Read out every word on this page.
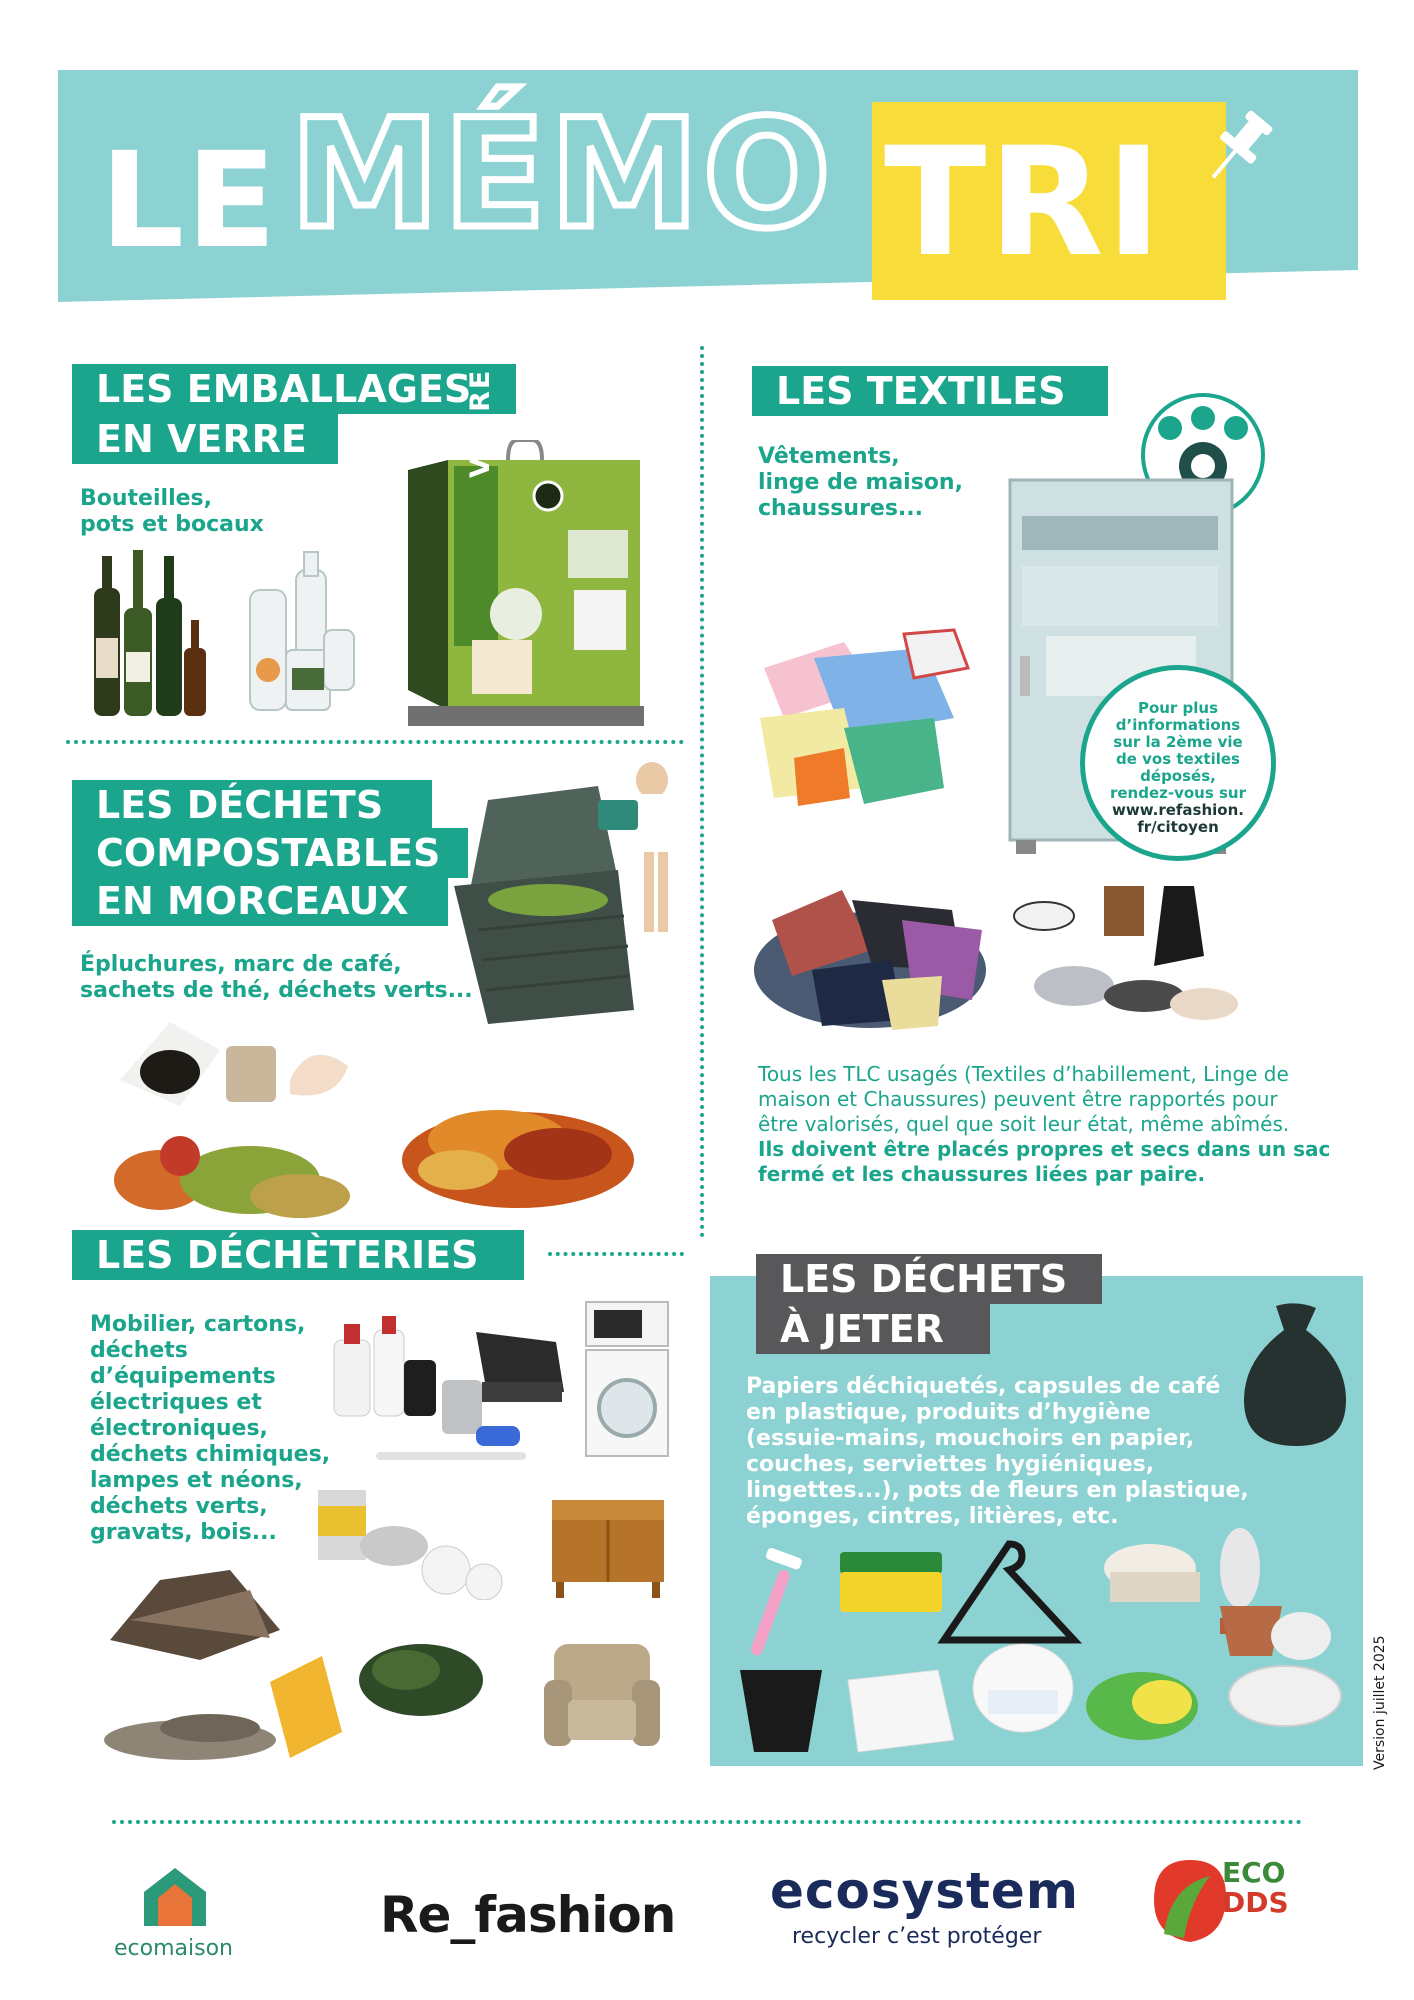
LE MÉMO TRI
LES EMBALLAGES
EN VERRE
Bouteilles,
pots et bocaux
VERRE
LES DÉCHETS
COMPOSTABLES
EN MORCEAUX
Épluchures, marc de café,
sachets de thé, déchets verts...
LES DÉCHÈTERIES
Mobilier, cartons,
déchets
d’équipements
électriques et
électroniques,
déchets chimiques,
lampes et néons,
déchets verts,
gravats, bois...
LES TEXTILES
Vêtements,
linge de maison,
chaussures...
Pour plus
d’informations
sur la 2ème vie
de vos textiles
déposés,
rendez-vous sur
www.refashion.
fr/citoyen
Tous les TLC usagés (Textiles d’habillement, Linge de
maison et Chaussures) peuvent être rapportés pour
être valorisés, quel que soit leur état, même abîmés.
Ils doivent être placés propres et secs dans un sac
fermé et les chaussures liées par paire.
LES DÉCHETS
À JETER
Papiers déchiquetés, capsules de café
en plastique, produits d’hygiène
(essuie-mains, mouchoirs en papier,
couches, serviettes hygiéniques,
lingettes...), pots de fleurs en plastique,
éponges, cintres, litières, etc.
Version juillet 2025
ecomaison
Re_fashion ecosystem
recycler c’est protéger
ECO
DDS
